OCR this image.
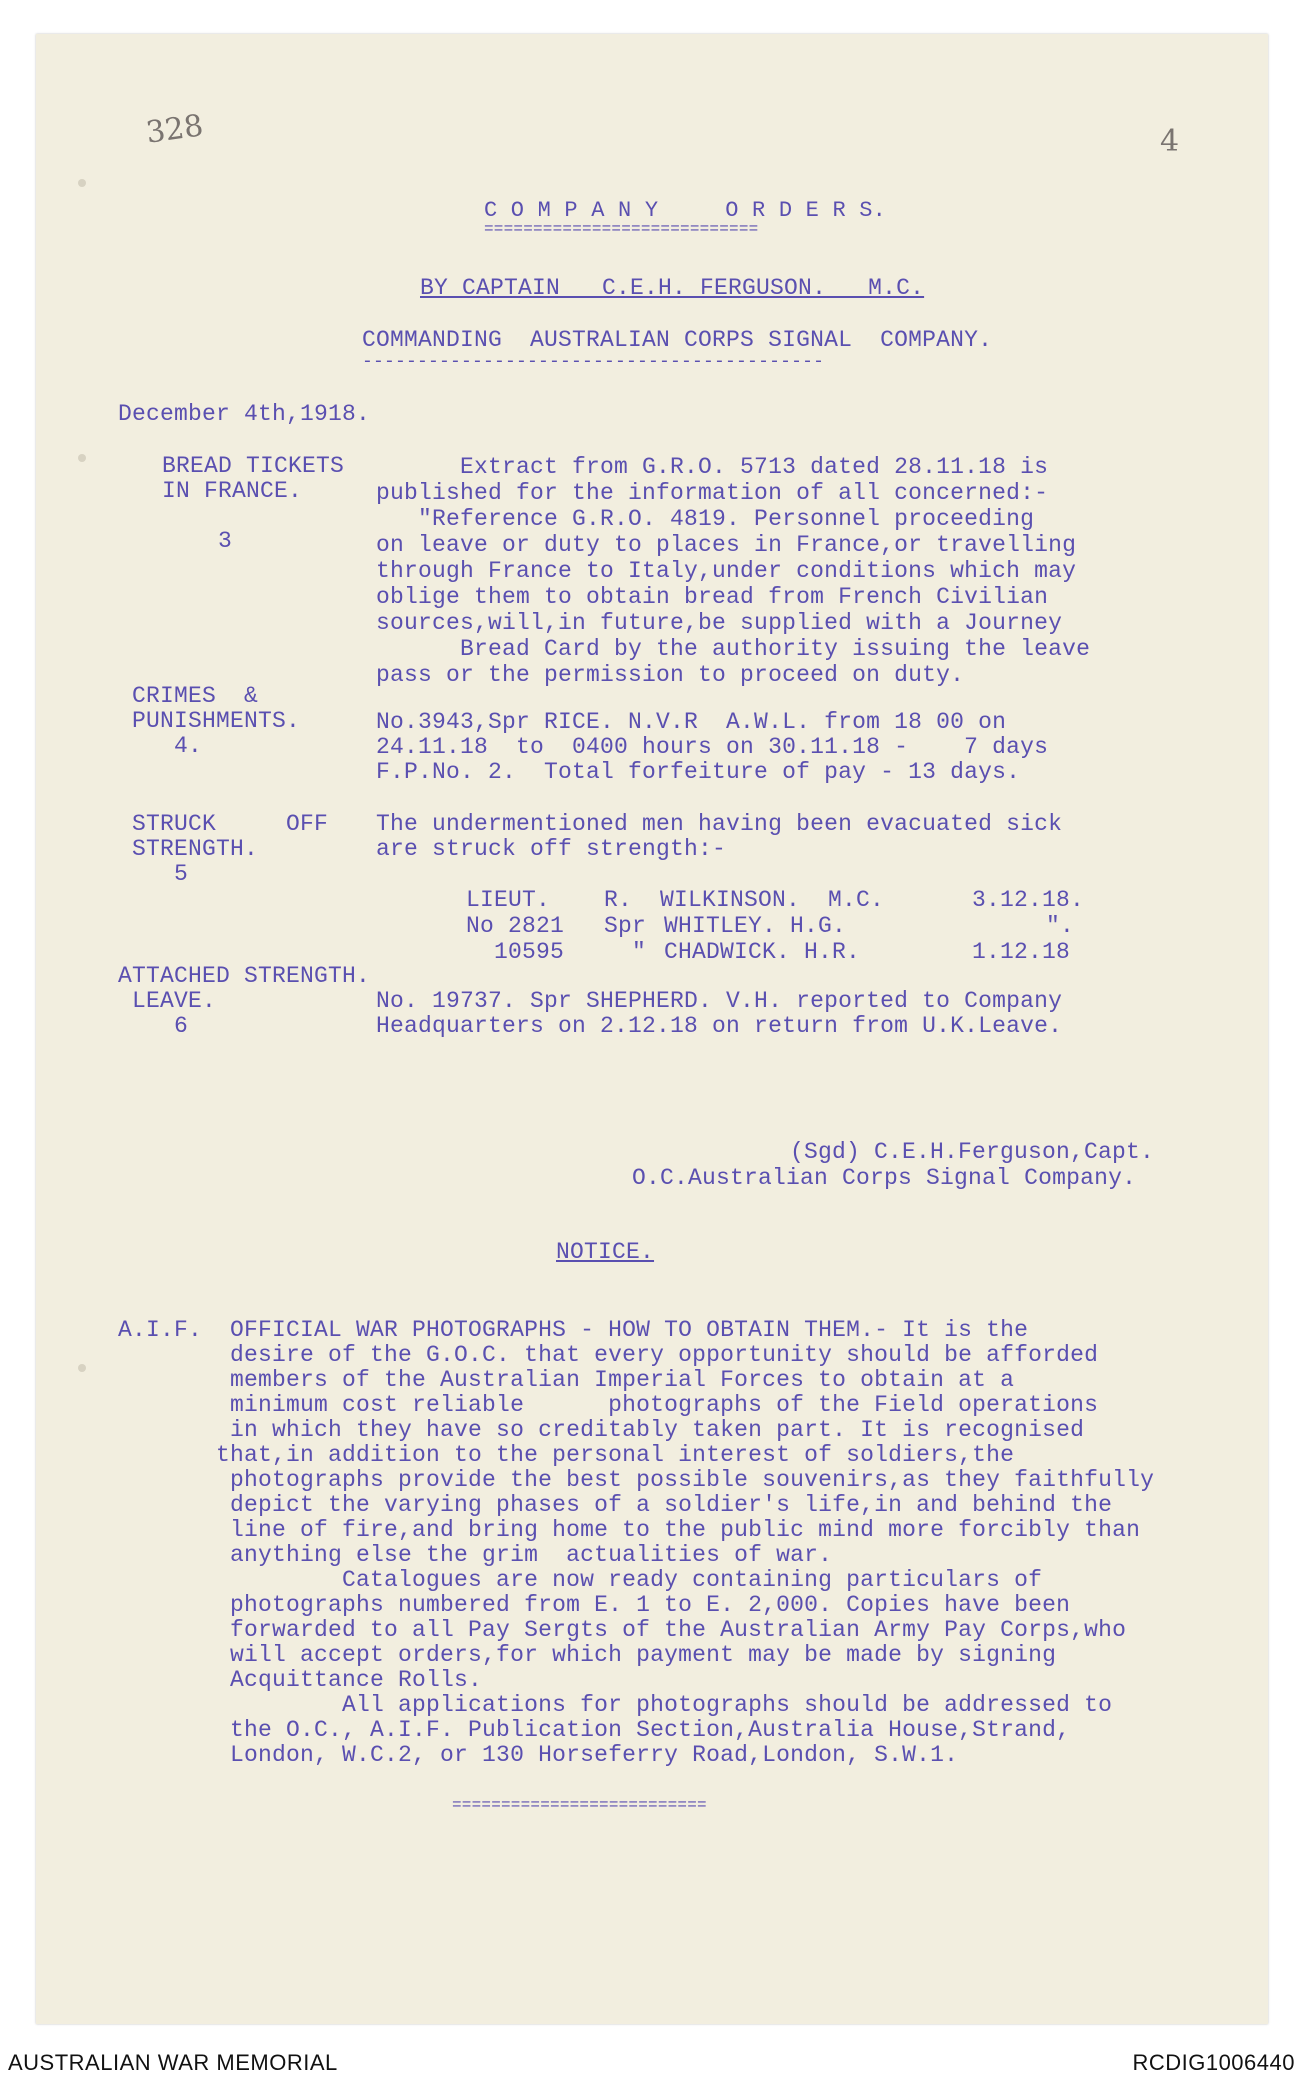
328	4
C O M P A N Y     O R D E R S.
============================
BY CAPTAIN   C.E.H. FERGUSON.   M.C.
COMMANDING  AUSTRALIAN CORPS SIGNAL  COMPANY.
------------------------------------------
December 4th,1918.
BREAD TICKETS
IN FRANCE.

3
Extract from G.R.O. 5713 dated 28.11.18 is
published for the information of all concerned:-
"Reference G.R.O. 4819. Personnel proceeding
on leave or duty to places in France,or travelling
through France to Italy,under conditions which may
oblige them to obtain bread from French Civilian
sources,will,in future,be supplied with a Journey
Bread Card by the authority issuing the leave
pass or the permission to proceed on duty.
CRIMES  &
PUNISHMENTS.
4.
No.3943,Spr RICE. N.V.R  A.W.L. from 18 00 on
24.11.18  to  0400 hours on 30.11.18 -    7 days
F.P.No. 2.  Total forfeiture of pay - 13 days.
STRUCK     OFF
STRENGTH.
5
The undermentioned men having been evacuated sick
are struck off strength:-
LIEUT. R.  WILKINSON.  M.C.	3.12.18.
No 2821 Spr WHITLEY. H.G.	".
10595 " CHADWICK. H.R.	1.12.18
ATTACHED STRENGTH.
LEAVE.
6
No. 19737. Spr SHEPHERD. V.H. reported to Company
Headquarters on 2.12.18 on return from U.K.Leave.
(Sgd) C.E.H.Ferguson,Capt.
O.C.Australian Corps Signal Company.
NOTICE.
A.I.F.  OFFICIAL WAR PHOTOGRAPHS - HOW TO OBTAIN THEM.- It is the
desire of the G.O.C. that every opportunity should be afforded
members of the Australian Imperial Forces to obtain at a
minimum cost reliable      photographs of the Field operations
in which they have so creditably taken part. It is recognised
that,in addition to the personal interest of soldiers,the
photographs provide the best possible souvenirs,as they faithfully
depict the varying phases of a soldier's life,in and behind the
line of fire,and bring home to the public mind more forcibly than
anything else the grim  actualities of war.
Catalogues are now ready containing particulars of
photographs numbered from E. 1 to E. 2,000. Copies have been
forwarded to all Pay Sergts of the Australian Army Pay Corps,who
will accept orders,for which payment may be made by signing
Acquittance Rolls.
All applications for photographs should be addressed to
the O.C., A.I.F. Publication Section,Australia House,Strand,
London, W.C.2, or 130 Horseferry Road,London, S.W.1.
==========================
AUSTRALIAN WAR MEMORIAL	RCDIG1006440
